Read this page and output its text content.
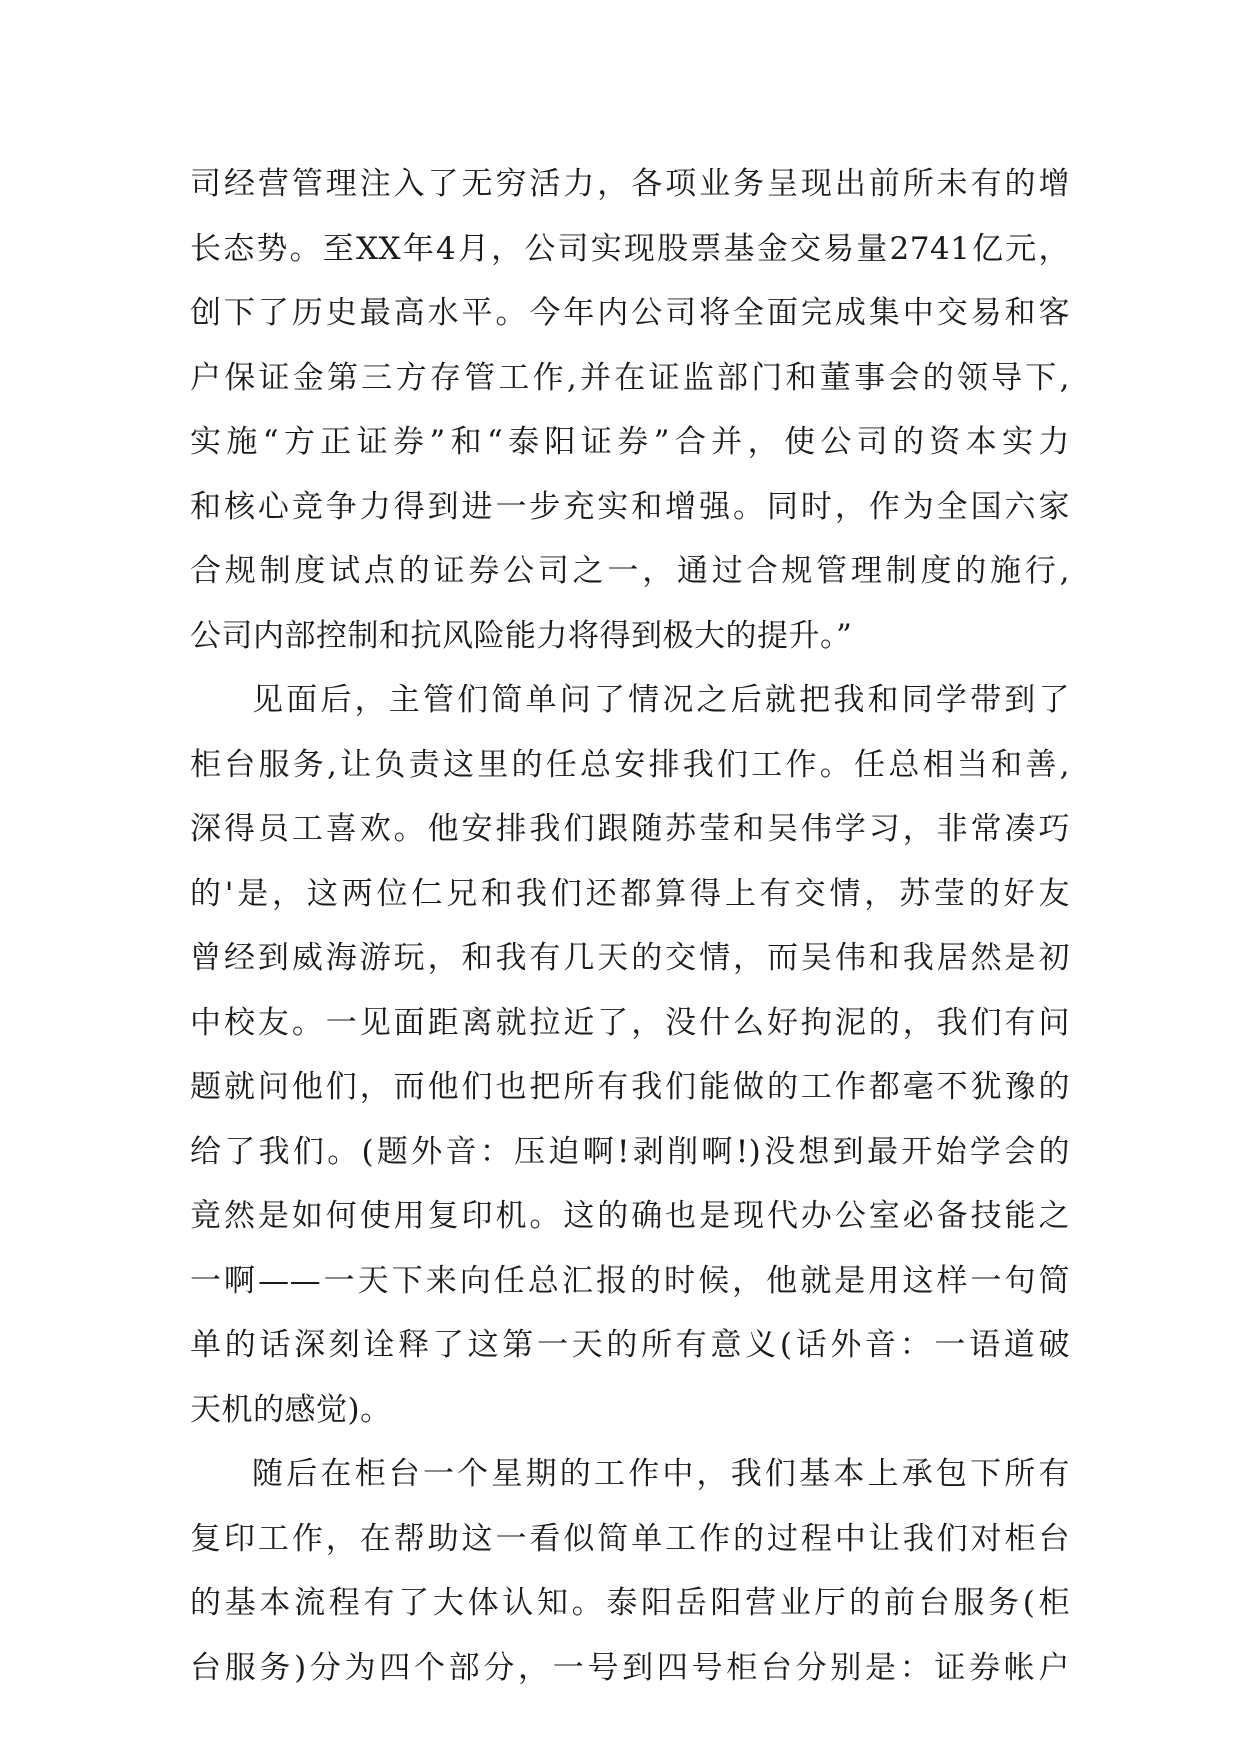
司经营管理注入了无穷活力，各项业务呈现出前所未有的增
长态势。至XX年4月，公司实现股票基金交易量2741亿元，
创下了历史最高水平。今年内公司将全面完成集中交易和客
户保证金第三方存管工作,并在证监部门和董事会的领导下,
实施“方正证券”和“泰阳证券”合并，使公司的资本实力
和核心竞争力得到进一步充实和增强。同时，作为全国六家
合规制度试点的证券公司之一，通过合规管理制度的施行,
公司内部控制和抗风险能力将得到极大的提升。”
见面后，主管们简单问了情况之后就把我和同学带到了
柜台服务,让负责这里的任总安排我们工作。任总相当和善,
深得员工喜欢。他安排我们跟随苏莹和吴伟学习，非常凑巧
的'是，这两位仁兄和我们还都算得上有交情，苏莹的好友
曾经到威海游玩，和我有几天的交情，而吴伟和我居然是初
中校友。一见面距离就拉近了，没什么好拘泥的，我们有问
题就问他们，而他们也把所有我们能做的工作都毫不犹豫的
给了我们。(题外音：压迫啊!剥削啊!)没想到最开始学会的
竟然是如何使用复印机。这的确也是现代办公室必备技能之
一啊——一天下来向任总汇报的时候，他就是用这样一句简
单的话深刻诠释了这第一天的所有意义(话外音：一语道破
天机的感觉)。
随后在柜台一个星期的工作中，我们基本上承包下所有
复印工作，在帮助这一看似简单工作的过程中让我们对柜台
的基本流程有了大体认知。泰阳岳阳营业厅的前台服务(柜
台服务)分为四个部分，一号到四号柜台分别是：证券帐户
